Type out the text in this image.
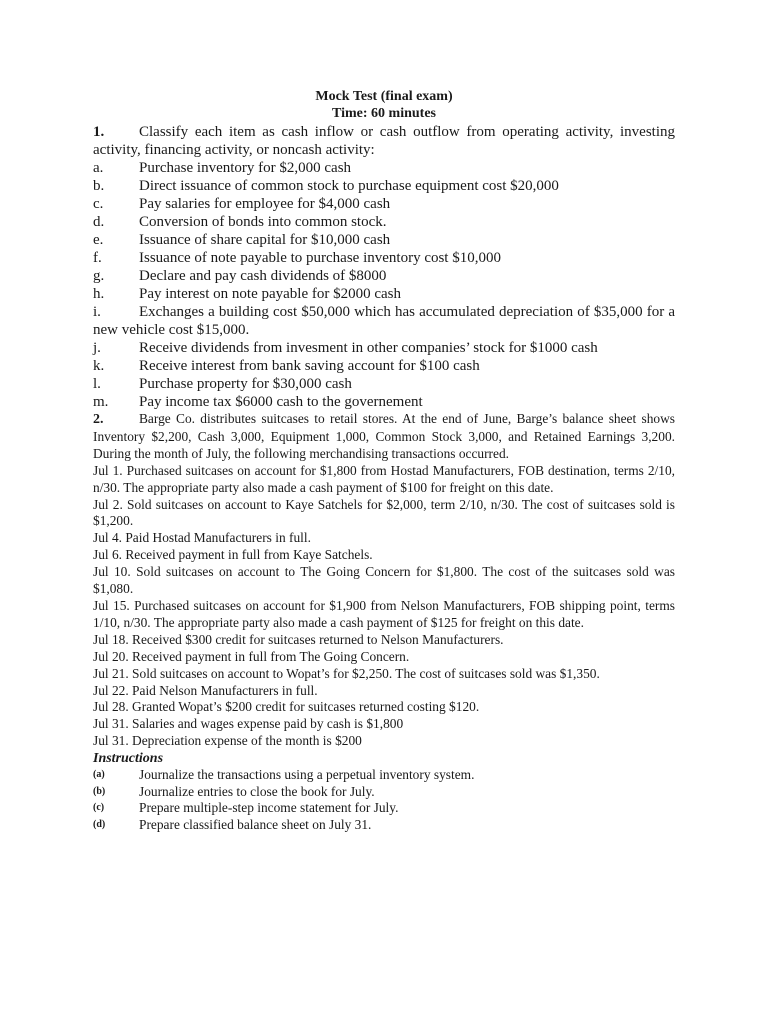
Mock Test (final exam)
Time: 60 minutes
1. Classify each item as cash inflow or cash outflow from operating activity, investing activity, financing activity, or noncash activity:
a.	Purchase inventory for $2,000 cash
b.	Direct issuance of common stock to purchase equipment cost $20,000
c.	Pay salaries for employee for $4,000 cash
d.	Conversion of bonds into common stock.
e.	Issuance of share capital for $10,000 cash
f.	Issuance of note payable to purchase inventory cost $10,000
g.	Declare and pay cash dividends of $8000
h.	Pay interest on note payable for $2000 cash
i.	Exchanges a building cost $50,000 which has accumulated depreciation of $35,000 for a new vehicle cost $15,000.
j.	Receive dividends from invesment in other companies’ stock for $1000 cash
k.	Receive interest from bank saving account for $100 cash
l.	Purchase property for $30,000 cash
m.	Pay income tax $6000 cash to the governement

2.	Barge Co. distributes suitcases to retail stores. At the end of June, Barge’s balance sheet shows Inventory $2,200, Cash 3,000, Equipment 1,000, Common Stock 3,000, and Retained Earnings 3,200. During the month of July, the following merchandising transactions occurred.

Jul 1. Purchased suitcases on account for $1,800 from Hostad Manufacturers, FOB destination, terms 2/10, n/30. The appropriate party also made a cash payment of $100 for freight on this date.

Jul 2. Sold suitcases on account to Kaye Satchels for $2,000, term 2/10, n/30. The cost of suitcases sold is $1,200.

Jul 4. Paid Hostad Manufacturers in full.

Jul 6. Received payment in full from Kaye Satchels.

Jul 10. Sold suitcases on account to The Going Concern for $1,800. The cost of the suitcases sold was $1,080.

Jul 15. Purchased suitcases on account for $1,900 from Nelson Manufacturers, FOB shipping point, terms 1/10, n/30. The appropriate party also made a cash payment of $125 for freight on this date.

Jul 18. Received $300 credit for suitcases returned to Nelson Manufacturers.

Jul 20. Received payment in full from The Going Concern.

Jul 21. Sold suitcases on account to Wopat’s for $2,250. The cost of suitcases sold was $1,350.

Jul 22. Paid Nelson Manufacturers in full.

Jul 28. Granted Wopat’s $200 credit for suitcases returned costing $120.

Jul 31. Salaries and wages expense paid by cash is $1,800

Jul 31. Depreciation expense of the month is $200

Instructions
(a)	Journalize the transactions using a perpetual inventory system.
(b)	Journalize entries to close the book for July.
(c)	Prepare multiple-step income statement for July.
(d)	Prepare classified balance sheet on July 31.
